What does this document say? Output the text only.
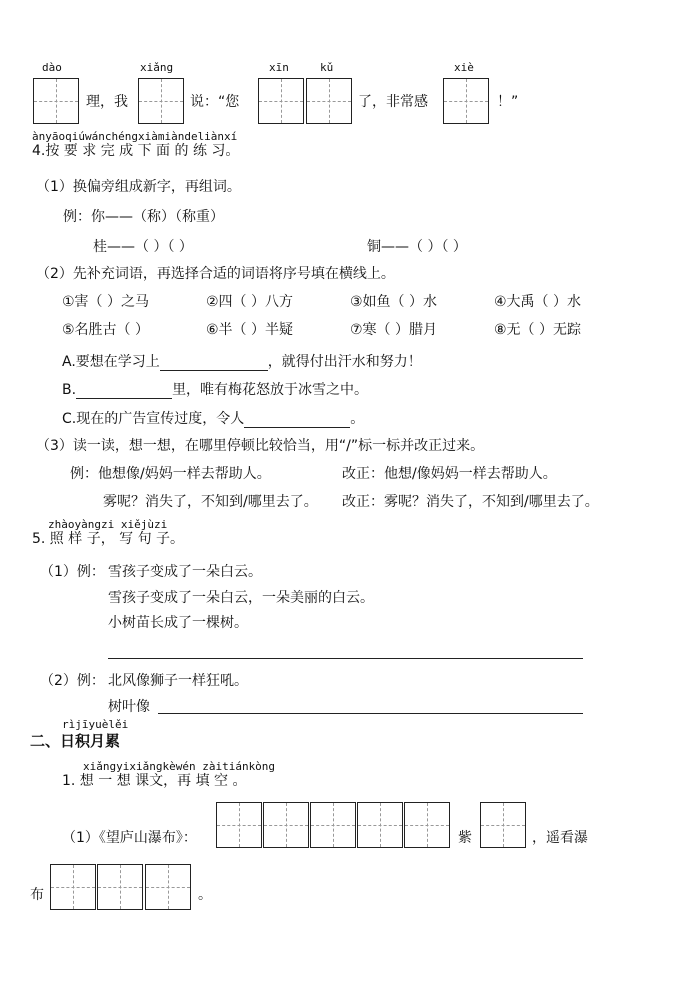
dào	xiǎng	xīn	kǔ	xiè
理，我	说：“您	了，非常感	！”
ànyāoqiúwánchéngxiàmiàndeliànxí
4.按 要 求 完 成 下 面 的 练 习。
（1）换偏旁组成新字，再组词。
例：你——（称）（称重）
桂——（ ）（ ）	铜——（ ）（ ）
（2）先补充词语，再选择合适的词语将序号填在横线上。
①害（ ）之马	②四（ ）八方	③如鱼（ ）水	④大禹（ ）水
⑤名胜古（ ）	⑥半（ ）半疑	⑦寒（ ）腊月	⑧无（ ）无踪
A.要想在学习上	，就得付出汗水和努力！
B.	里，唯有梅花怒放于冰雪之中。
C.现在的广告宣传过度，令人	。
（3）读一读，想一想，在哪里停顿比较恰当，用“/”标一标并改正过来。
例：他想像/妈妈一样去帮助人。	改正：他想/像妈妈一样去帮助人。
雾呢？消失了，不知到/哪里去了。 改正：雾呢？消失了，不知到/哪里去了。
zhàoyàngzi xiějùzi
5. 照 样 子， 写 句 子。
（1）例： 雪孩子变成了一朵白云。
雪孩子变成了一朵白云，一朵美丽的白云。
小树苗长成了一棵树。
（2）例： 北风像狮子一样狂吼。
树叶像
rìjīyuèlěi
二、日积月累
xiǎngyixiǎngkèwén zàitiánkòng
1. 想 一 想 课文，再 填 空 。
（1）《望庐山瀑布》：	紫	，遥看瀑
布	。
